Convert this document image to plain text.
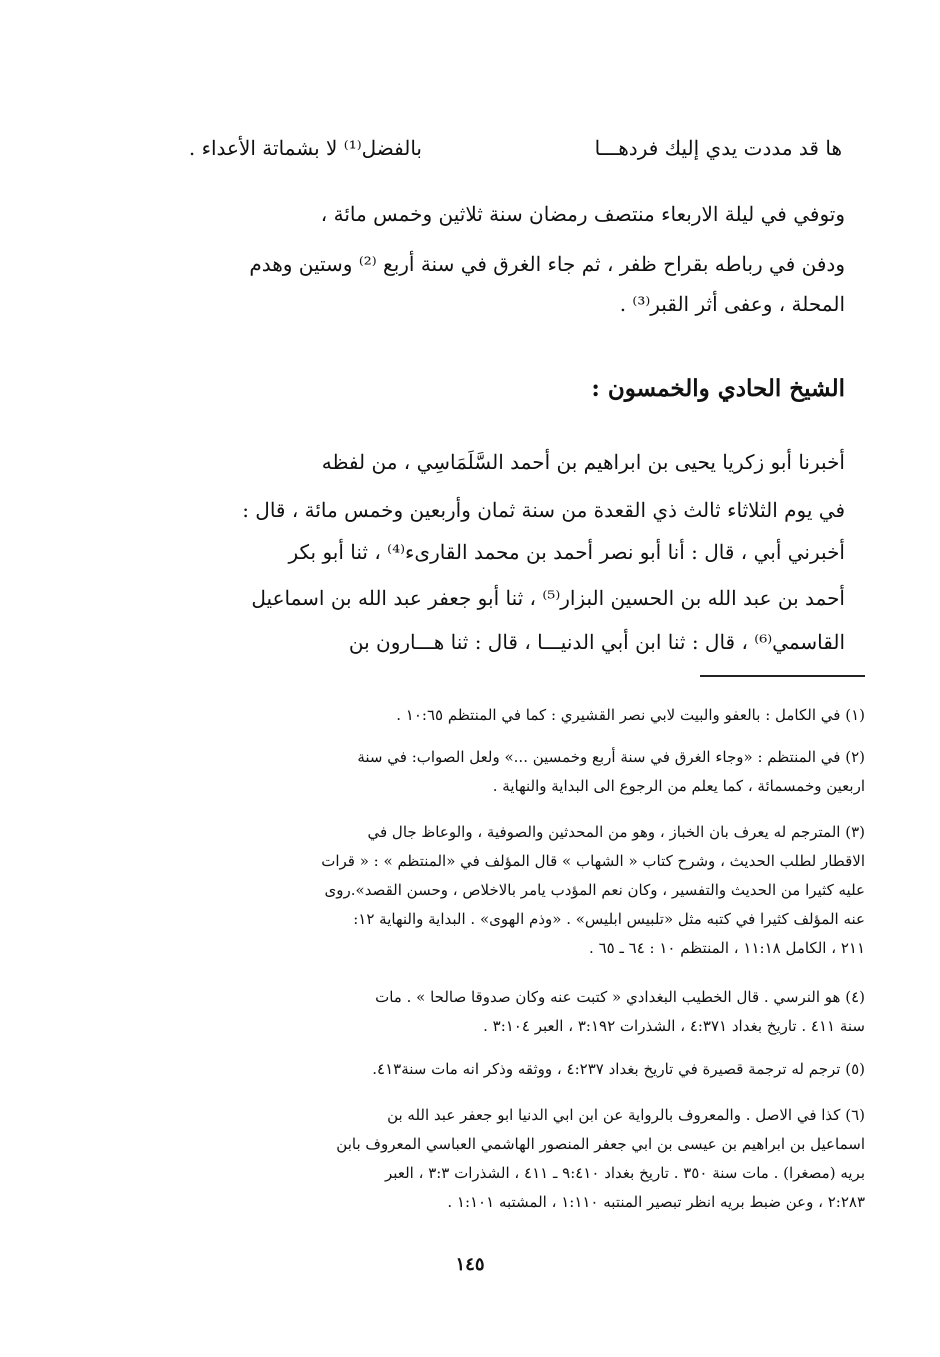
ها قد مددت يدي إليك فردهـــا
بالفضل⁽¹⁾ لا بشماتة الأعداء .
وتوفي في ليلة الاربعاء منتصف رمضان سنة ثلاثين وخمس مائة ،
ودفن في رباطه بقراح ظفر ، ثم جاء الغرق في سنة أربع ⁽²⁾ وستين وهدم
المحلة ، وعفى أثر القبر⁽³⁾ .
الشيخ الحادي والخمسون :
أخبرنا أبو زكريا يحيى بن ابراهيم بن أحمد السَّلَمَاسِي ، من لفظه
في يوم الثلاثاء ثالث ذي القعدة من سنة ثمان وأربعين وخمس مائة ، قال :
أخبرني أبي ، قال : أنا أبو نصر أحمد بن محمد القارىء⁽⁴⁾ ، ثنا أبو بكر
أحمد بن عبد الله بن الحسين البزار⁽⁵⁾ ، ثنا أبو جعفر عبد الله بن اسماعيل
القاسمي⁽⁶⁾ ، قال : ثنا ابن أبي الدنيـــا ، قال : ثنا هـــارون بن
(١) في الكامل : بالعفو والبيت لابي نصر القشيري : كما في المنتظم ١٠:٦٥ .
(٢) في المنتظم : «وجاء الغرق في سنة أربع وخمسين ...» ولعل الصواب: في سنة
اربعين وخمسمائة ، كما يعلم من الرجوع الى البداية والنهاية .
(٣) المترجم له يعرف بان الخباز ، وهو من المحدثين والصوفية ، والوعاظ جال في
الاقطار لطلب الحديث ، وشرح كتاب « الشهاب » قال المؤلف في «المنتظم » : « قرات
عليه كثيرا من الحديث والتفسير ، وكان نعم المؤدب يامر بالاخلاص ، وحسن القصد».روى
عنه المؤلف كثيرا في كتبه مثل «تلبيس ابليس» . «وذم الهوى» . البداية والنهاية ١٢:
٢١١ ، الكامل ١١:١٨ ، المنتظم ١٠ : ٦٤ ـ ٦٥ .
(٤) هو النرسي . قال الخطيب البغدادي « كتبت عنه وكان صدوقا صالحا » . مات
سنة ٤١١ . تاريخ بغداد ٤:٣٧١ ، الشذرات ٣:١٩٢ ، العبر ٣:١٠٤ .
(٥) ترجم له ترجمة قصيرة في تاريخ بغداد ٤:٢٣٧ ، ووثقه وذكر انه مات سنة٤١٣.
(٦) كذا في الاصل . والمعروف بالرواية عن ابن ابي الدنيا ابو جعفر عبد الله بن
اسماعيل بن ابراهيم بن عيسى بن ابي جعفر المنصور الهاشمي العباسي المعروف بابن
بريه (مصغرا) . مات سنة ٣٥٠ . تاريخ بغداد ٩:٤١٠ ـ ٤١١ ، الشذرات ٣:٣ ، العبر
٢:٢٨٣ ، وعن ضبط بريه انظر تبصير المنتبه ١:١١٠ ، المشتبه ١:١٠١ .
١٤٥
